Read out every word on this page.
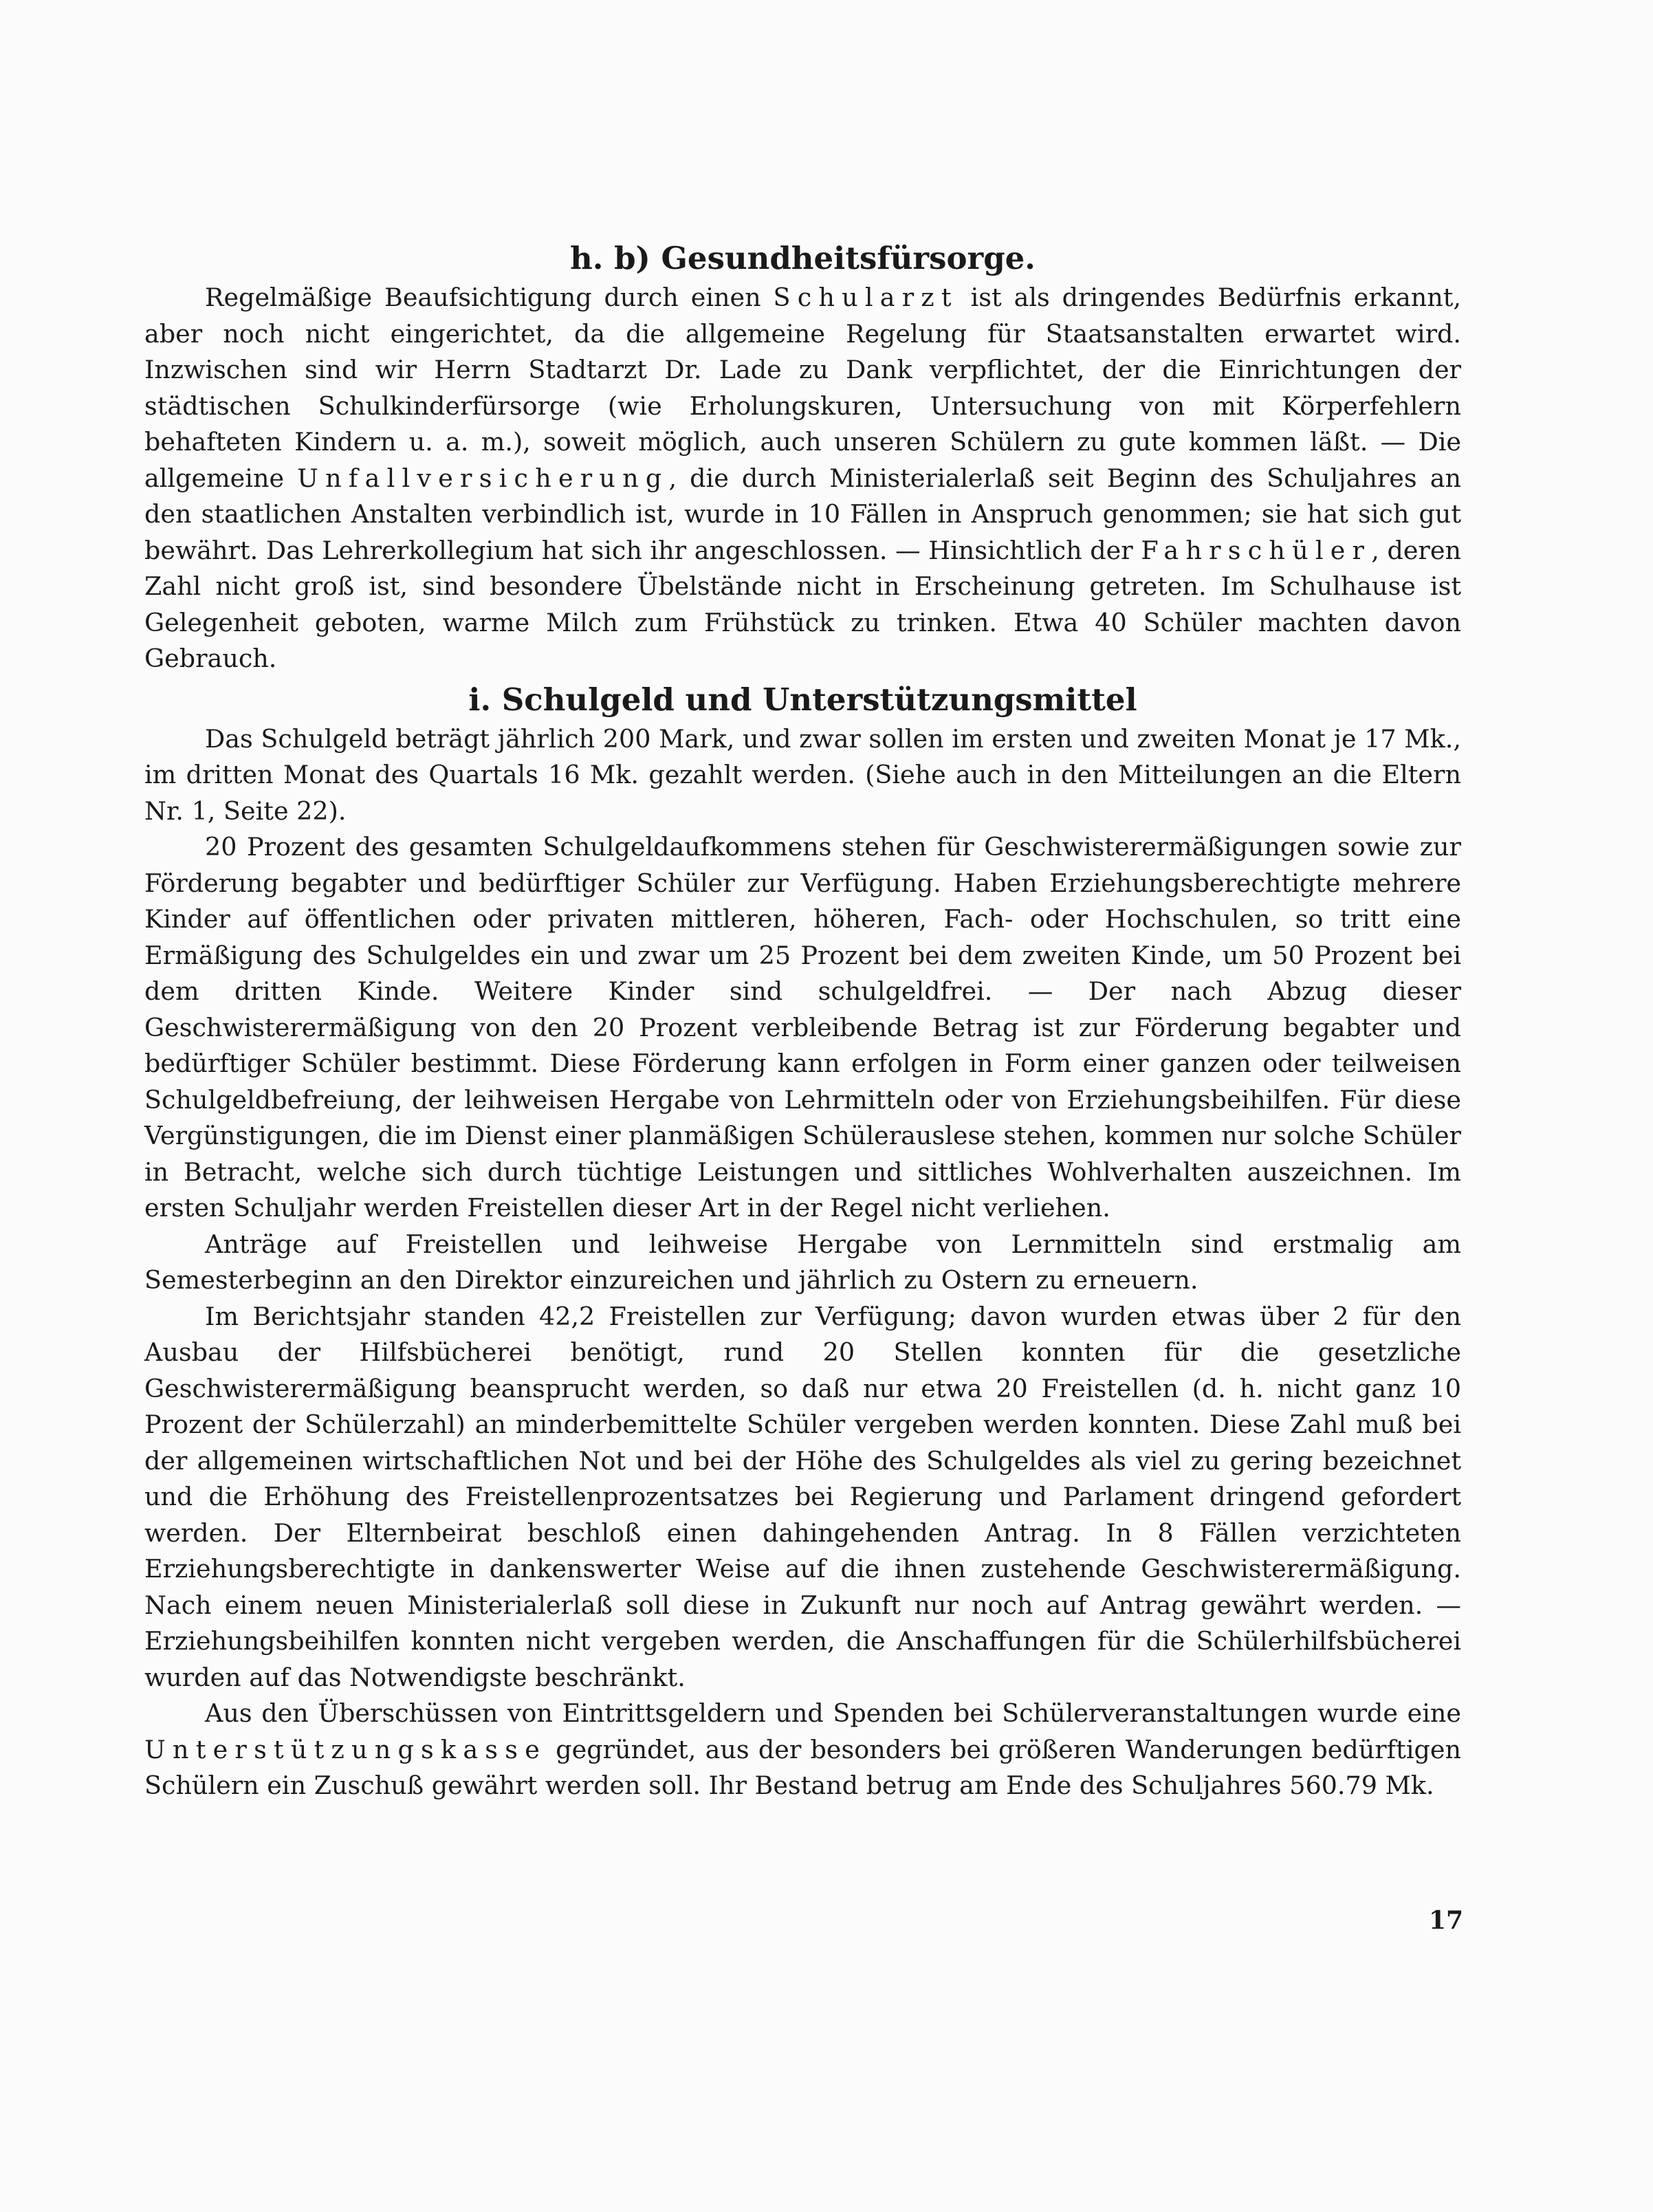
h. b) Gesundheitsfürsorge.

Regelmäßige Beaufsichtigung durch einen Schularzt ist als dringendes Bedürfnis erkannt, aber noch nicht eingerichtet, da die allgemeine Regelung für Staatsanstalten erwartet wird. Inzwischen sind wir Herrn Stadtarzt Dr. Lade zu Dank verpflichtet, der die Einrichtungen der städtischen Schulkinderfürsorge (wie Erholungskuren, Untersuchung von mit Körperfehlern behafteten Kindern u. a. m.), soweit möglich, auch unseren Schülern zu gute kommen läßt. — Die allgemeine Unfallversicherung, die durch Ministerialerlaß seit Beginn des Schuljahres an den staatlichen Anstalten verbindlich ist, wurde in 10 Fällen in Anspruch genommen; sie hat sich gut bewährt. Das Lehrerkollegium hat sich ihr angeschlossen. — Hinsichtlich der Fahrschüler, deren Zahl nicht groß ist, sind besondere Übelstände nicht in Erscheinung getreten. Im Schulhause ist Gelegenheit geboten, warme Milch zum Frühstück zu trinken. Etwa 40 Schüler machten davon Gebrauch.

i. Schulgeld und Unterstützungsmittel

Das Schulgeld beträgt jährlich 200 Mark, und zwar sollen im ersten und zweiten Monat je 17 Mk., im dritten Monat des Quartals 16 Mk. gezahlt werden. (Siehe auch in den Mitteilungen an die Eltern Nr. 1, Seite 22).

20 Prozent des gesamten Schulgeldaufkommens stehen für Geschwisterermäßigungen sowie zur Förderung begabter und bedürftiger Schüler zur Verfügung. Haben Erziehungsberechtigte mehrere Kinder auf öffentlichen oder privaten mittleren, höheren, Fach- oder Hochschulen, so tritt eine Ermäßigung des Schulgeldes ein und zwar um 25 Prozent bei dem zweiten Kinde, um 50 Prozent bei dem dritten Kinde. Weitere Kinder sind schulgeldfrei. — Der nach Abzug dieser Geschwisterermäßigung von den 20 Prozent verbleibende Betrag ist zur Förderung begabter und bedürftiger Schüler bestimmt. Diese Förderung kann erfolgen in Form einer ganzen oder teilweisen Schulgeldbefreiung, der leihweisen Hergabe von Lehrmitteln oder von Erziehungsbeihilfen. Für diese Vergünstigungen, die im Dienst einer planmäßigen Schülerauslese stehen, kommen nur solche Schüler in Betracht, welche sich durch tüchtige Leistungen und sittliches Wohlverhalten auszeichnen. Im ersten Schuljahr werden Freistellen dieser Art in der Regel nicht verliehen.

Anträge auf Freistellen und leihweise Hergabe von Lernmitteln sind erstmalig am Semesterbeginn an den Direktor einzureichen und jährlich zu Ostern zu erneuern.

Im Berichtsjahr standen 42,2 Freistellen zur Verfügung; davon wurden etwas über 2 für den Ausbau der Hilfsbücherei benötigt, rund 20 Stellen konnten für die gesetzliche Geschwisterermäßigung beansprucht werden, so daß nur etwa 20 Freistellen (d. h. nicht ganz 10 Prozent der Schülerzahl) an minderbemittelte Schüler vergeben werden konnten. Diese Zahl muß bei der allgemeinen wirtschaftlichen Not und bei der Höhe des Schulgeldes als viel zu gering bezeichnet und die Erhöhung des Freistellenprozentsatzes bei Regierung und Parlament dringend gefordert werden. Der Elternbeirat beschloß einen dahingehenden Antrag. In 8 Fällen verzichteten Erziehungsberechtigte in dankenswerter Weise auf die ihnen zustehende Geschwisterermäßigung. Nach einem neuen Ministerialerlaß soll diese in Zukunft nur noch auf Antrag gewährt werden. — Erziehungsbeihilfen konnten nicht vergeben werden, die Anschaffungen für die Schülerhilfsbücherei wurden auf das Notwendigste beschränkt.

Aus den Überschüssen von Eintrittsgeldern und Spenden bei Schülerveranstaltungen wurde eine Unterstützungskasse gegründet, aus der besonders bei größeren Wanderungen bedürftigen Schülern ein Zuschuß gewährt werden soll. Ihr Bestand betrug am Ende des Schuljahres 560.79 Mk.

17
